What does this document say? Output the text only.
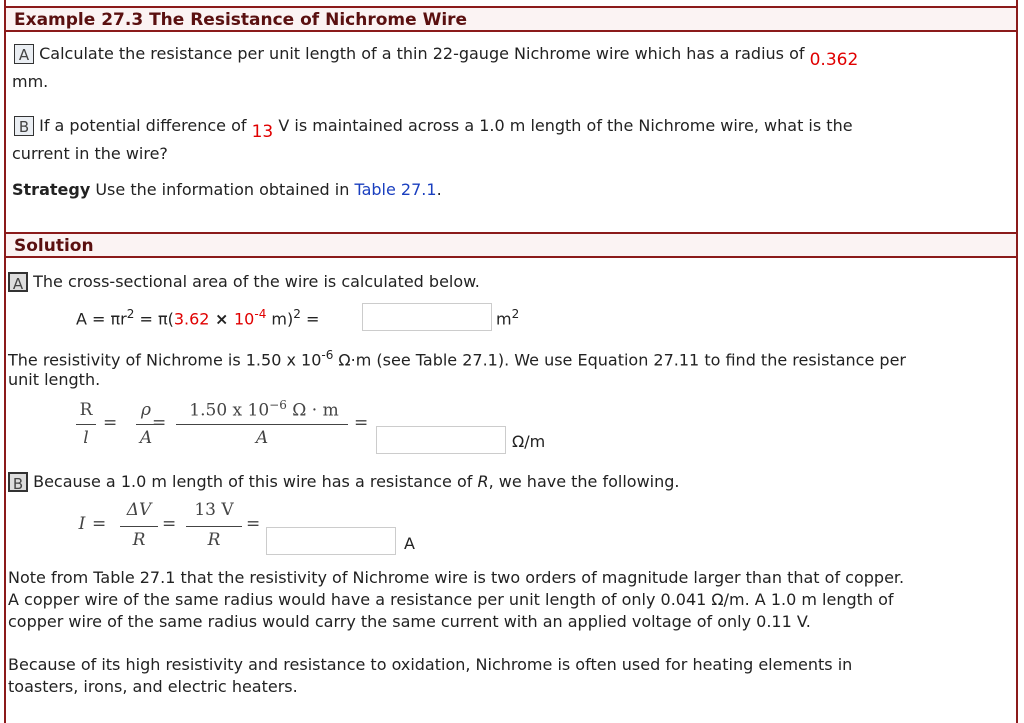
Example 27.3 The Resistance of Nichrome Wire
A Calculate the resistance per unit length of a thin 22-gauge Nichrome wire which has a radius of 0.362
mm.
B If a potential difference of 13 V is maintained across a 1.0 m length of the Nichrome wire, what is the
current in the wire?
Strategy Use the information obtained in Table 27.1.
Solution
A The cross-sectional area of the wire is calculated below.
$A = \pi r^2 = \pi(3.62 \times 10^{-4}$ m)$^2$ =	$m^2$
The resistivity of Nichrome is 1.50 x $10^{-6}$ Ω·m (see Table 27.1). We use Equation 27.11 to find the resistance per
unit length.
R
l
=
ρ
A
=
1.50 x $10^{-6}$ Ω · m
A
=
Ω/m
B Because a 1.0 m length of this wire has a resistance of R, we have the following.
I =
ΔV
R
=
13 V
R
=
A
Note from Table 27.1 that the resistivity of Nichrome wire is two orders of magnitude larger than that of copper.
A copper wire of the same radius would have a resistance per unit length of only 0.041 Ω/m. A 1.0 m length of
copper wire of the same radius would carry the same current with an applied voltage of only 0.11 V.
Because of its high resistivity and resistance to oxidation, Nichrome is often used for heating elements in
toasters, irons, and electric heaters.
